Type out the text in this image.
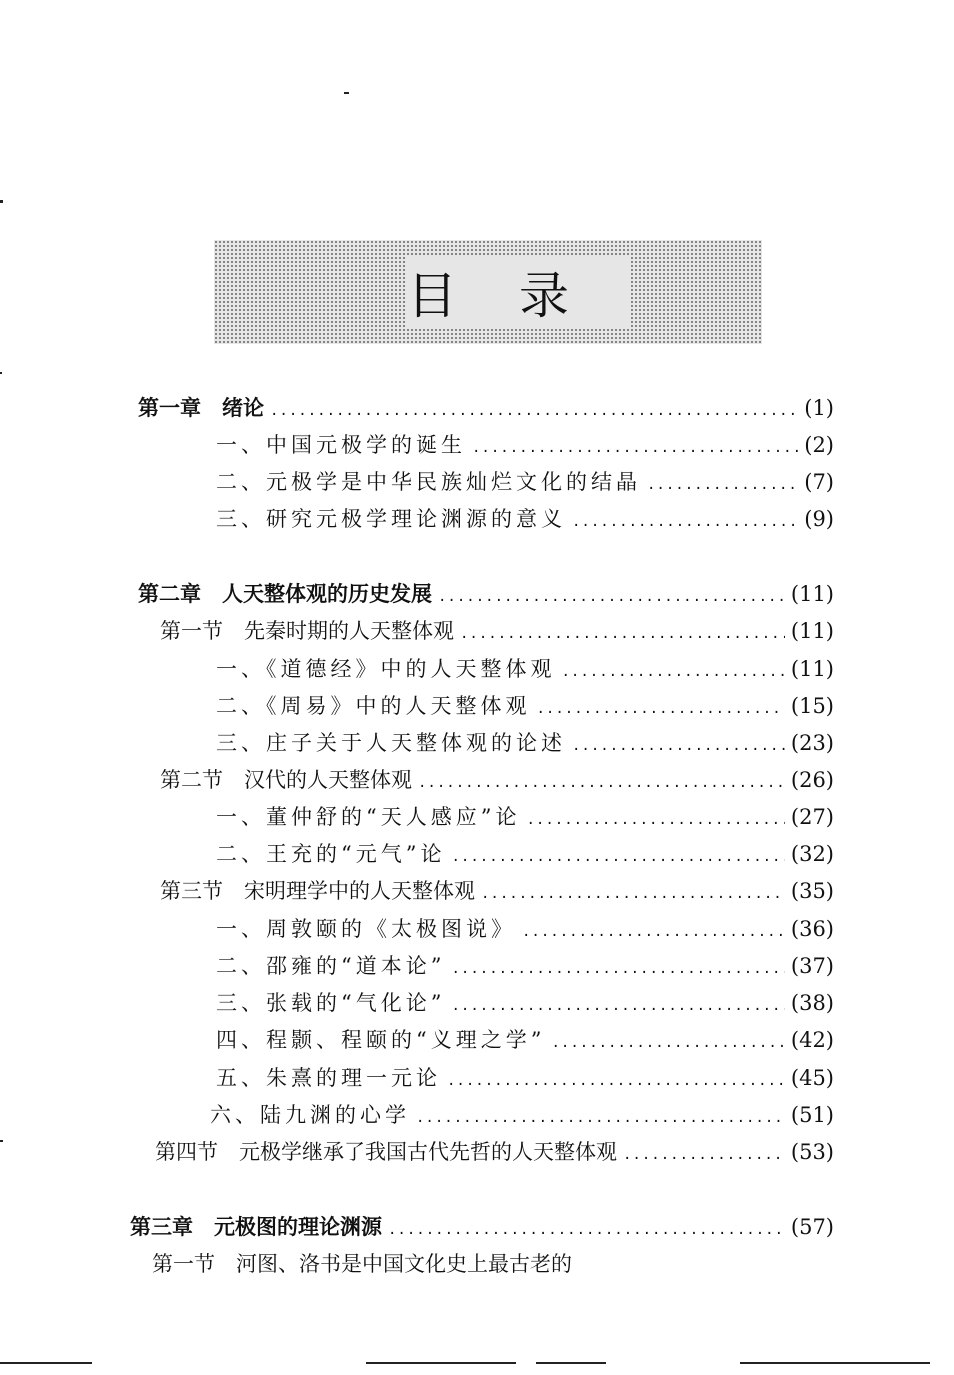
目 录
第一章　绪论 .....	(1)
一、中国元极学的诞生 .....	(2)
二、元极学是中华民族灿烂文化的结晶 .....	(7)
三、研究元极学理论渊源的意义 .....	(9)
第二章　人天整体观的历史发展 .....	(11)
第一节　先秦时期的人天整体观 .....	(11)
一、《道德经》中的人天整体观 .....	(11)
二、《周易》中的人天整体观 .....	(15)
三、庄子关于人天整体观的论述 .....	(23)
第二节　汉代的人天整体观 .....	(26)
一、董仲舒的“天人感应”论 .....	(27)
二、王充的“元气”论 .....	(32)
第三节　宋明理学中的人天整体观 .....	(35)
一、周敦颐的《太极图说》 .....	(36)
二、邵雍的“道本论” .....	(37)
三、张载的“气化论” .....	(38)
四、程颢、程颐的“义理之学” .....	(42)
五、朱熹的理一元论 .....	(45)
六、陆九渊的心学 .....	(51)
第四节　元极学继承了我国古代先哲的人天整体观 .....	(53)
第三章　元极图的理论渊源 .....	(57)
第一节　河图、洛书是中国文化史上最古老的
